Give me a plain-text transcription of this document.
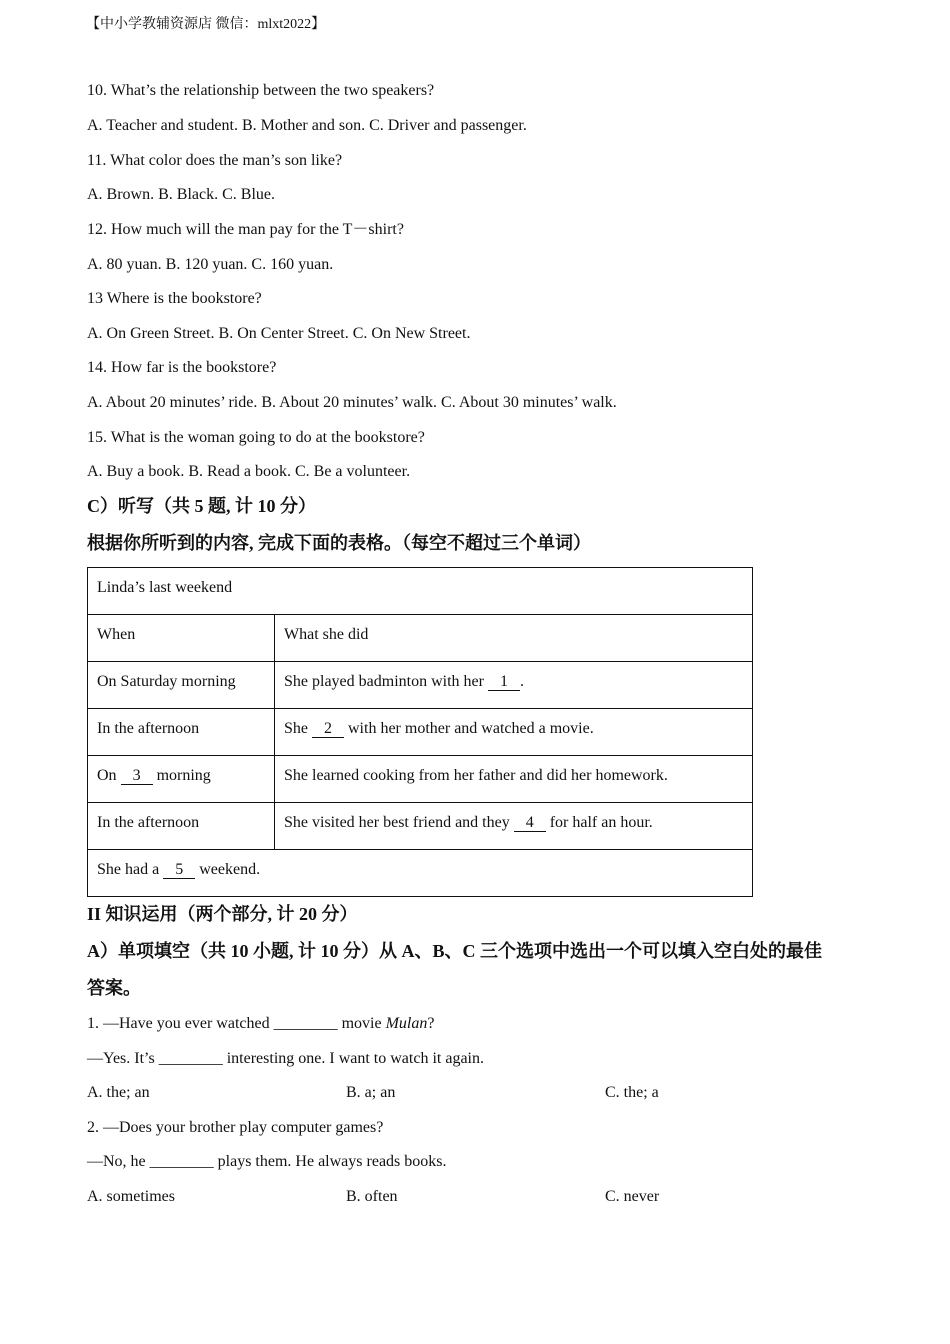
【中小学教辅资源店 微信：mlxt2022】
10. What’s the relationship between the two speakers?
A. Teacher and student. B. Mother and son. C. Driver and passenger.
11. What color does the man’s son like?
A. Brown. B. Black. C. Blue.
12. How much will the man pay for the T－shirt?
A. 80 yuan. B. 120 yuan. C. 160 yuan.
13 Where is the bookstore?
A. On Green Street. B. On Center Street. C. On New Street.
14. How far is the bookstore?
A. About 20 minutes’ ride. B. About 20 minutes’ walk. C. About 30 minutes’ walk.
15. What is the woman going to do at the bookstore?
A. Buy a book. B. Read a book. C. Be a volunteer.
C）听写（共 5 题, 计 10 分）
根据你所听到的内容, 完成下面的表格。（每空不超过三个单词）
Linda’s last weekend	
When	What she did
On Saturday morning	She played badminton with her 1 .
In the afternoon	She 2 with her mother and watched a movie.
On 3 morning	She learned cooking from her father and did her homework.
In the afternoon	She visited her best friend and they 4 for half an hour.
She had a 5 weekend.	
II 知识运用（两个部分, 计 20 分）
A）单项填空（共 10 小题, 计 10 分）从 A、B、C 三个选项中选出一个可以填入空白处的最佳
答案。
1. —Have you ever watched ________ movie Mulan?
—Yes. It’s ________ interesting one. I want to watch it again.
A. the; an	B. a; an	C. the; a
2. —Does your brother play computer games?
—No, he ________ plays them. He always reads books.
A. sometimes	B. often	C. never
